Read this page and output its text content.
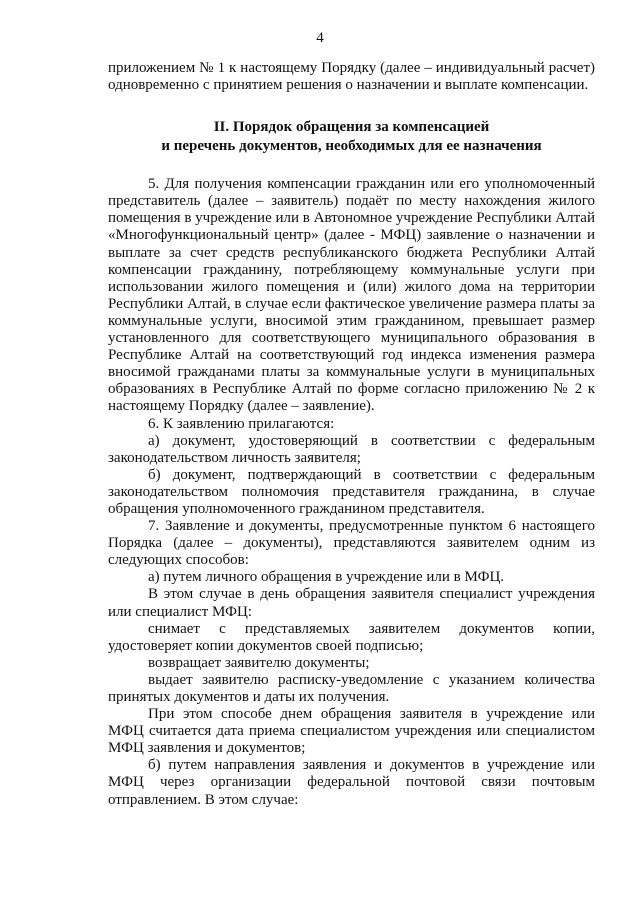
4

приложением № 1 к настоящему Порядку (далее – индивидуальный расчет) одновременно с принятием решения о назначении и выплате компенсации.

II. Порядок обращения за компенсацией
и перечень документов, необходимых для ее назначения

5. Для получения компенсации гражданин или его уполномоченный представитель (далее – заявитель) подаёт по месту нахождения жилого помещения в учреждение или в Автономное учреждение Республики Алтай «Многофункциональный центр» (далее - МФЦ) заявление о назначении и выплате за счет средств республиканского бюджета Республики Алтай компенсации гражданину, потребляющему коммунальные услуги при использовании жилого помещения и (или) жилого дома на территории Республики Алтай, в случае если фактическое увеличение размера платы за коммунальные услуги, вносимой этим гражданином, превышает размер установленного для соответствующего муниципального образования в Республике Алтай на соответствующий год индекса изменения размера вносимой гражданами платы за коммунальные услуги в муниципальных образованиях в Республике Алтай по форме согласно приложению № 2 к настоящему Порядку (далее – заявление).

6. К заявлению прилагаются:

а) документ, удостоверяющий в соответствии с федеральным законодательством личность заявителя;

б) документ, подтверждающий в соответствии с федеральным законодательством полномочия представителя гражданина, в случае обращения уполномоченного гражданином представителя.

7. Заявление и документы, предусмотренные пунктом 6 настоящего Порядка (далее – документы), представляются заявителем одним из следующих способов:

а) путем личного обращения в учреждение или в МФЦ.

В этом случае в день обращения заявителя специалист учреждения или специалист МФЦ:

снимает с представляемых заявителем документов копии, удостоверяет копии документов своей подписью;

возвращает заявителю документы;

выдает заявителю расписку-уведомление с указанием количества принятых документов и даты их получения.

При этом способе днем обращения заявителя в учреждение или МФЦ считается дата приема специалистом учреждения или специалистом МФЦ заявления и документов;

б) путем направления заявления и документов в учреждение или МФЦ через организации федеральной почтовой связи почтовым отправлением. В этом случае:
